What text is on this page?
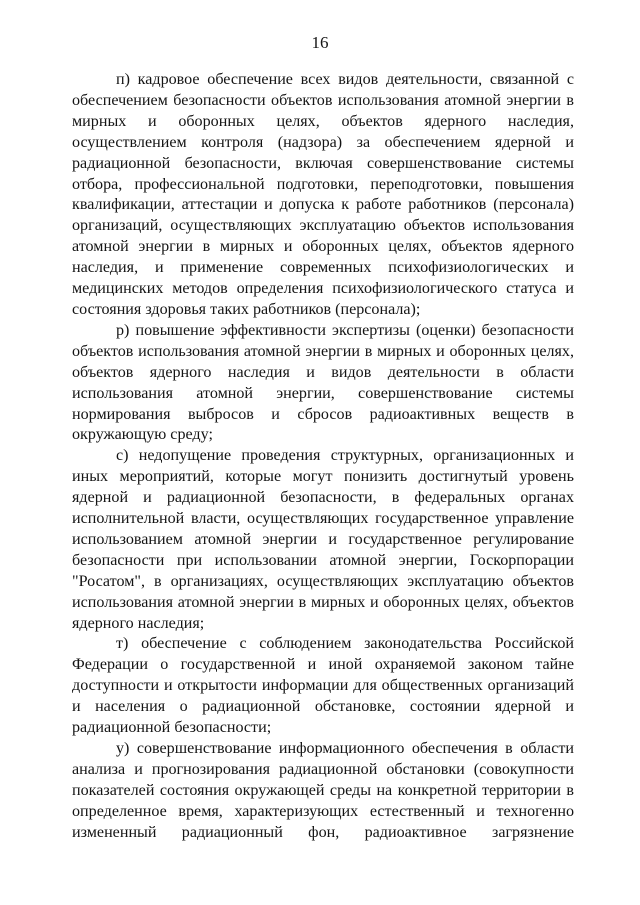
16

п) кадровое обеспечение всех видов деятельности, связанной с обеспечением безопасности объектов использования атомной энергии в мирных и оборонных целях, объектов ядерного наследия, осуществлением контроля (надзора) за обеспечением ядерной и радиационной безопасности, включая совершенствование системы отбора, профессиональной подготовки, переподготовки, повышения квалификации, аттестации и допуска к работе работников (персонала) организаций, осуществляющих эксплуатацию объектов использования атомной энергии в мирных и оборонных целях, объектов ядерного наследия, и применение современных психофизиологических и медицинских методов определения психофизиологического статуса и состояния здоровья таких работников (персонала);

р) повышение эффективности экспертизы (оценки) безопасности объектов использования атомной энергии в мирных и оборонных целях, объектов ядерного наследия и видов деятельности в области использования атомной энергии, совершенствование системы нормирования выбросов и сбросов радиоактивных веществ в окружающую среду;

с) недопущение проведения структурных, организационных и иных мероприятий, которые могут понизить достигнутый уровень ядерной и радиационной безопасности, в федеральных органах исполнительной власти, осуществляющих государственное управление использованием атомной энергии и государственное регулирование безопасности при использовании атомной энергии, Госкорпорации "Росатом", в организациях, осуществляющих эксплуатацию объектов использования атомной энергии в мирных и оборонных целях, объектов ядерного наследия;

т) обеспечение с соблюдением законодательства Российской Федерации о государственной и иной охраняемой законом тайне доступности и открытости информации для общественных организаций и населения о радиационной обстановке, состоянии ядерной и радиационной безопасности;

у) совершенствование информационного обеспечения в области анализа и прогнозирования радиационной обстановки (совокупности показателей состояния окружающей среды на конкретной территории в определенное время, характеризующих естественный и техногенно измененный радиационный фон, радиоактивное загрязнение
